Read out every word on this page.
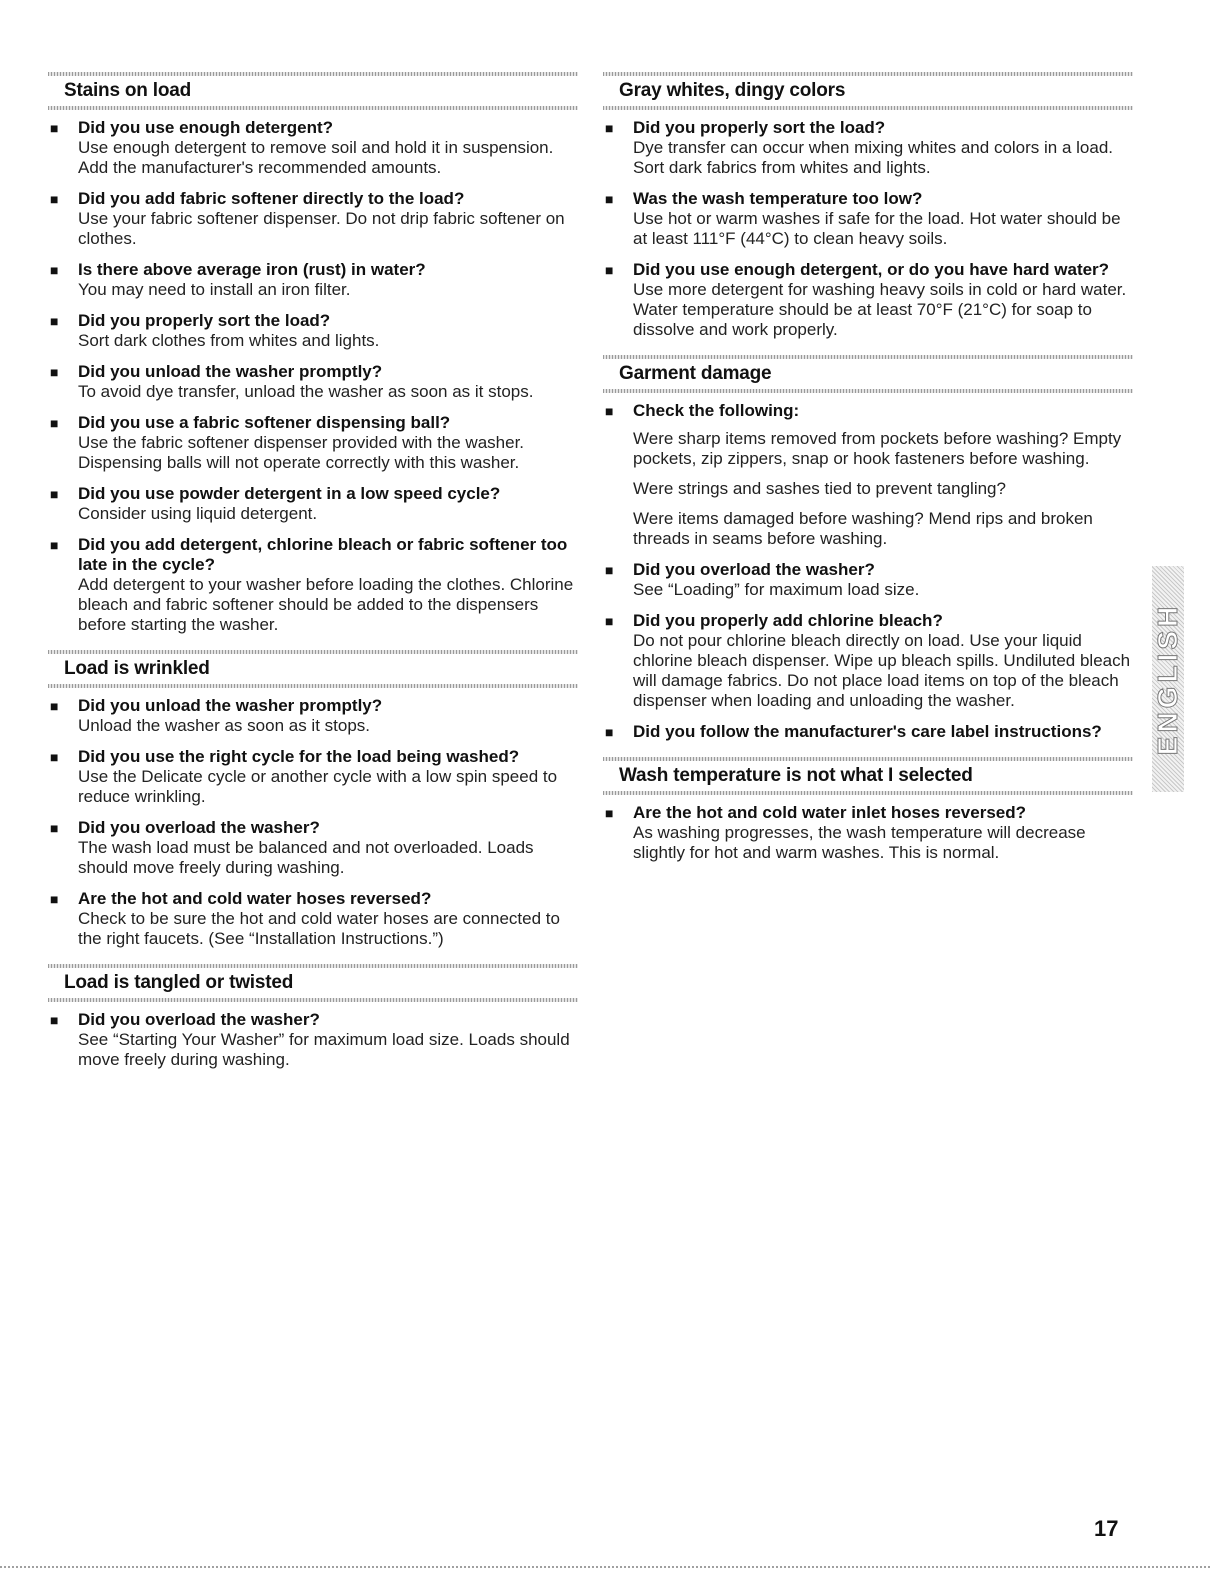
Stains on load
■ Did you use enough detergent?
Use enough detergent to remove soil and hold it in suspension. Add the manufacturer's recommended amounts.
■ Did you add fabric softener directly to the load?
Use your fabric softener dispenser. Do not drip fabric softener on clothes.
■ Is there above average iron (rust) in water?
You may need to install an iron filter.
■ Did you properly sort the load?
Sort dark clothes from whites and lights.
■ Did you unload the washer promptly?
To avoid dye transfer, unload the washer as soon as it stops.
■ Did you use a fabric softener dispensing ball?
Use the fabric softener dispenser provided with the washer. Dispensing balls will not operate correctly with this washer.
■ Did you use powder detergent in a low speed cycle?
Consider using liquid detergent.
■ Did you add detergent, chlorine bleach or fabric softener too late in the cycle?
Add detergent to your washer before loading the clothes. Chlorine bleach and fabric softener should be added to the dispensers before starting the washer.
Load is wrinkled
■ Did you unload the washer promptly?
Unload the washer as soon as it stops.
■ Did you use the right cycle for the load being washed?
Use the Delicate cycle or another cycle with a low spin speed to reduce wrinkling.
■ Did you overload the washer?
The wash load must be balanced and not overloaded. Loads should move freely during washing.
■ Are the hot and cold water hoses reversed?
Check to be sure the hot and cold water hoses are connected to the right faucets. (See “Installation Instructions.”)
Load is tangled or twisted
■ Did you overload the washer?
See “Starting Your Washer” for maximum load size. Loads should move freely during washing.
Gray whites, dingy colors
■ Did you properly sort the load?
Dye transfer can occur when mixing whites and colors in a load. Sort dark fabrics from whites and lights.
■ Was the wash temperature too low?
Use hot or warm washes if safe for the load. Hot water should be at least 111°F (44°C) to clean heavy soils.
■ Did you use enough detergent, or do you have hard water?
Use more detergent for washing heavy soils in cold or hard water. Water temperature should be at least 70°F (21°C) for soap to dissolve and work properly.
Garment damage
■ Check the following:
Were sharp items removed from pockets before washing? Empty pockets, zip zippers, snap or hook fasteners before washing.
Were strings and sashes tied to prevent tangling?
Were items damaged before washing? Mend rips and broken threads in seams before washing.
■ Did you overload the washer?
See “Loading” for maximum load size.
■ Did you properly add chlorine bleach?
Do not pour chlorine bleach directly on load. Use your liquid chlorine bleach dispenser. Wipe up bleach spills. Undiluted bleach will damage fabrics. Do not place load items on top of the bleach dispenser when loading and unloading the washer.
■ Did you follow the manufacturer's care label instructions?
Wash temperature is not what I selected
■ Are the hot and cold water inlet hoses reversed?
As washing progresses, the wash temperature will decrease slightly for hot and warm washes. This is normal.
ENGLISH
17
